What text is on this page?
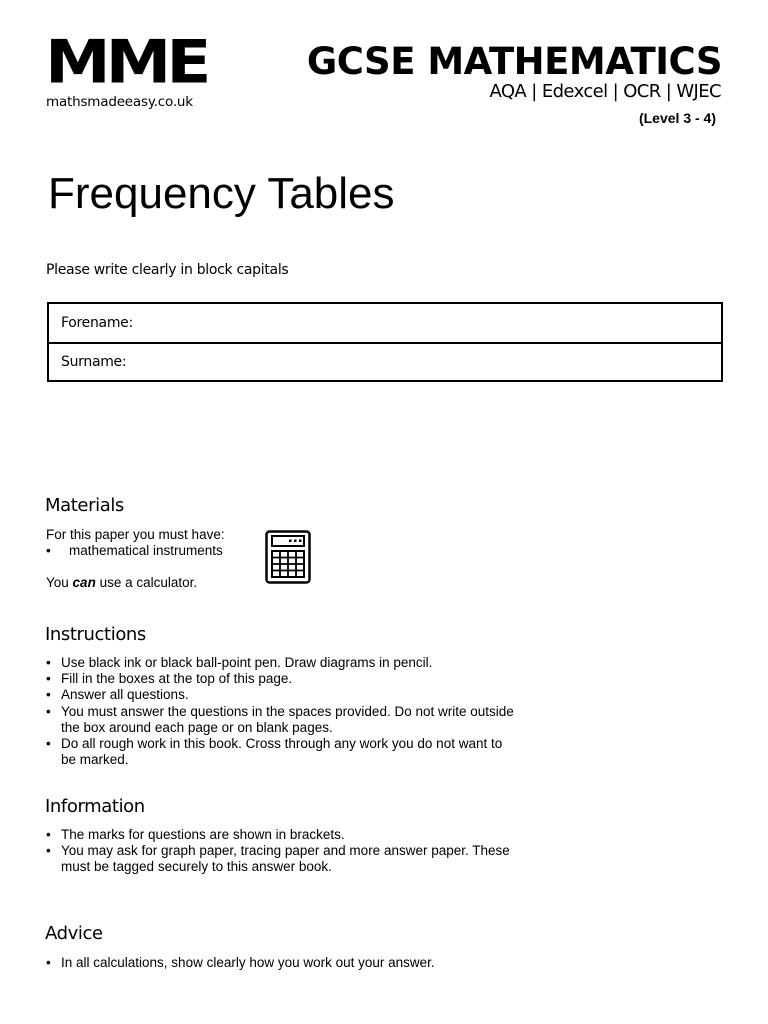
MME
mathsmadeeasy.co.uk
GCSE MATHEMATICS
AQA | Edexcel | OCR | WJEC
(Level 3 - 4)
Frequency Tables
Please write clearly in block capitals
Forename:
Surname:
Materials
For this paper you must have:
• mathematical instruments
You can use a calculator.
Instructions
• Use black ink or black ball-point pen. Draw diagrams in pencil.
• Fill in the boxes at the top of this page.
• Answer all questions.
• You must answer the questions in the spaces provided. Do not write outside the box around each page or on blank pages.
• Do all rough work in this book. Cross through any work you do not want to be marked.
Information
• The marks for questions are shown in brackets.
• You may ask for graph paper, tracing paper and more answer paper. These must be tagged securely to this answer book.
Advice
• In all calculations, show clearly how you work out your answer.
